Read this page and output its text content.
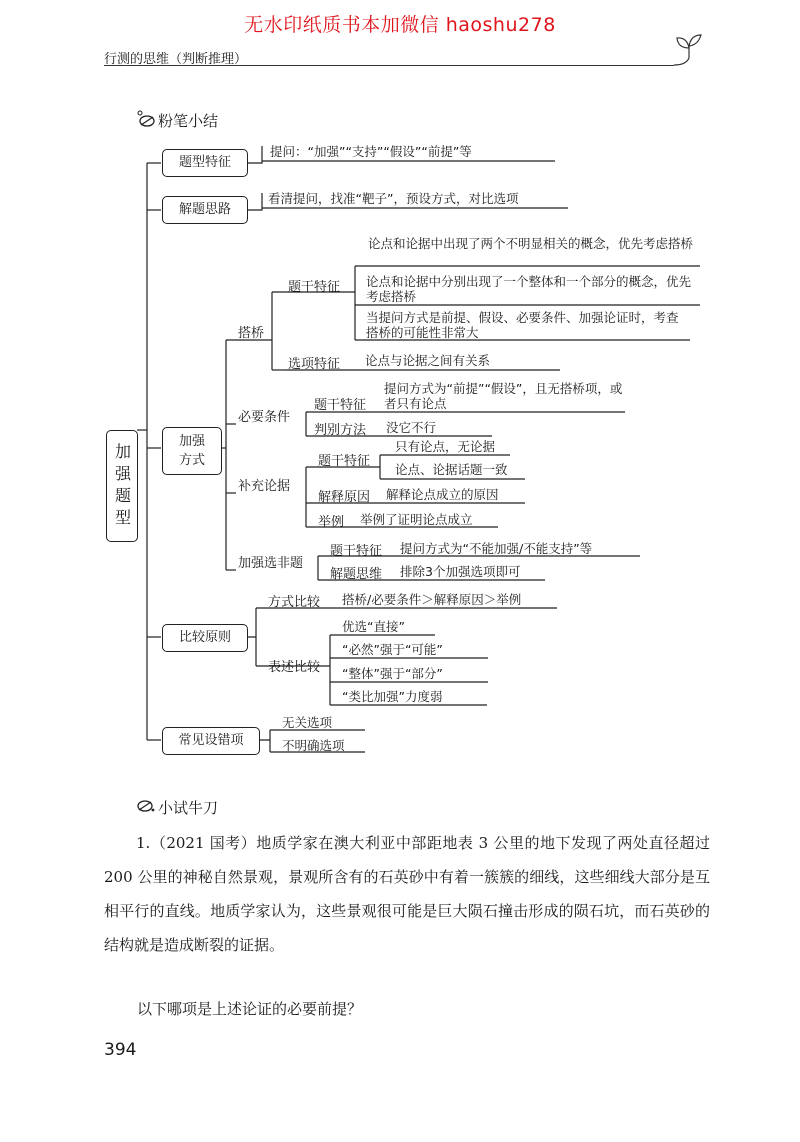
无水印纸质书本加微信 haoshu278
行测的思维（判断推理）
粉笔小结
加强题型
题型特征
提问：“加强”“支持”“假设”“前提”等
解题思路
看清提问，找准“靶子”，预设方式，对比选项
加强方式
比较原则
常见设错项
搭桥
题干特征
论点和论据中出现了两个不明显相关的概念，优先考虑搭桥
论点和论据中分别出现了一个整体和一个部分的概念，优先考虑搭桥
当提问方式是前提、假设、必要条件、加强论证时，考查搭桥的可能性非常大
选项特征 论点与论据之间有关系
必要条件
题干特征
提问方式为“前提”“假设”，且无搭桥项，或者只有论点
判别方法 没它不行
补充论据
题干特征
只有论点，无论据
论点、论据话题一致
解释原因 解释论点成立的原因
举例 举例了证明论点成立
加强选非题
题干特征 提问方式为“不能加强/不能支持”等
解题思维 排除3个加强选项即可
方式比较 搭桥/必要条件＞解释原因＞举例
表述比较
优选“直接”
“必然”强于“可能”
“整体”强于“部分”
“类比加强”力度弱
无关选项
不明确选项
小试牛刀
1.（2021 国考）地质学家在澳大利亚中部距地表 3 公里的地下发现了两处直径超过 200 公里的神秘自然景观，景观所含有的石英砂中有着一簇簇的细线，这些细线大部分是互相平行的直线。地质学家认为，这些景观很可能是巨大陨石撞击形成的陨石坑，而石英砂的结构就是造成断裂的证据。
以下哪项是上述论证的必要前提？
394
